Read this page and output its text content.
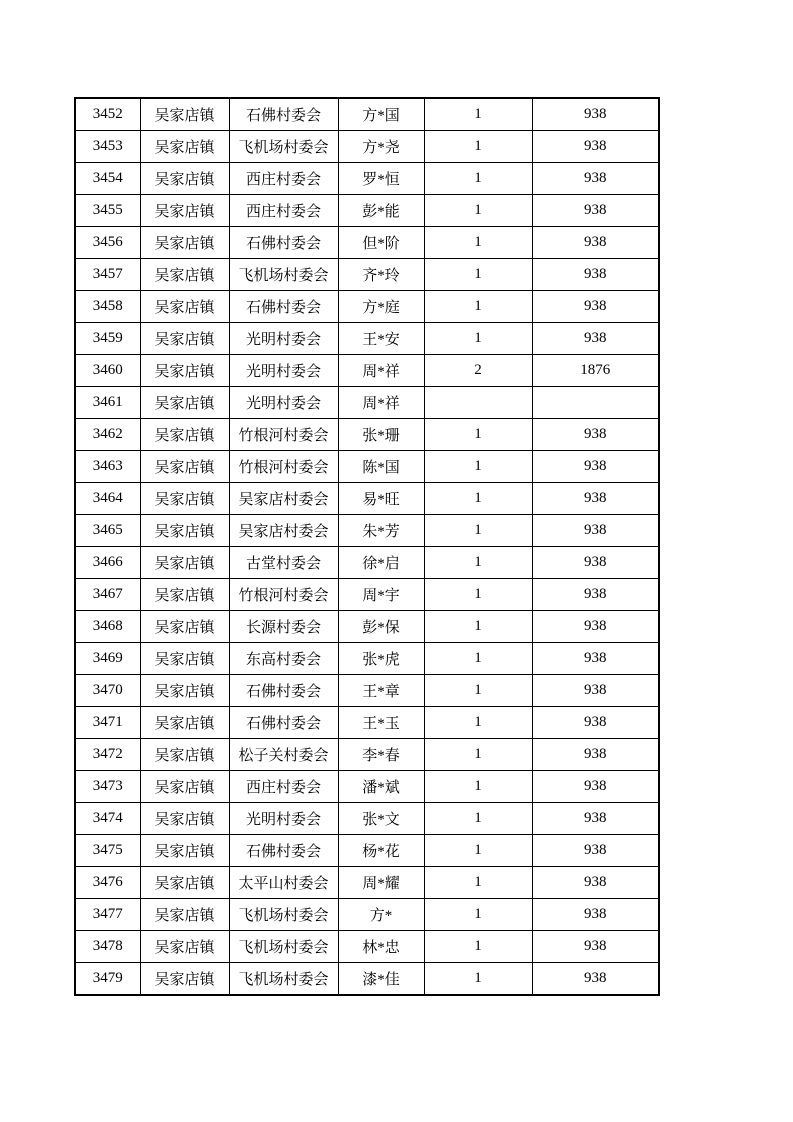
3452	吴家店镇	石佛村委会	方*国	1	938
3453	吴家店镇	飞机场村委会	方*尧	1	938
3454	吴家店镇	西庄村委会	罗*恒	1	938
3455	吴家店镇	西庄村委会	彭*能	1	938
3456	吴家店镇	石佛村委会	但*阶	1	938
3457	吴家店镇	飞机场村委会	齐*玲	1	938
3458	吴家店镇	石佛村委会	方*庭	1	938
3459	吴家店镇	光明村委会	王*安	1	938
3460	吴家店镇	光明村委会	周*祥	2	1876
3461	吴家店镇	光明村委会	周*祥		
3462	吴家店镇	竹根河村委会	张*珊	1	938
3463	吴家店镇	竹根河村委会	陈*国	1	938
3464	吴家店镇	吴家店村委会	易*旺	1	938
3465	吴家店镇	吴家店村委会	朱*芳	1	938
3466	吴家店镇	古堂村委会	徐*启	1	938
3467	吴家店镇	竹根河村委会	周*宇	1	938
3468	吴家店镇	长源村委会	彭*保	1	938
3469	吴家店镇	东高村委会	张*虎	1	938
3470	吴家店镇	石佛村委会	王*章	1	938
3471	吴家店镇	石佛村委会	王*玉	1	938
3472	吴家店镇	松子关村委会	李*春	1	938
3473	吴家店镇	西庄村委会	潘*斌	1	938
3474	吴家店镇	光明村委会	张*文	1	938
3475	吴家店镇	石佛村委会	杨*花	1	938
3476	吴家店镇	太平山村委会	周*耀	1	938
3477	吴家店镇	飞机场村委会	方*	1	938
3478	吴家店镇	飞机场村委会	林*忠	1	938
3479	吴家店镇	飞机场村委会	漆*佳	1	938
